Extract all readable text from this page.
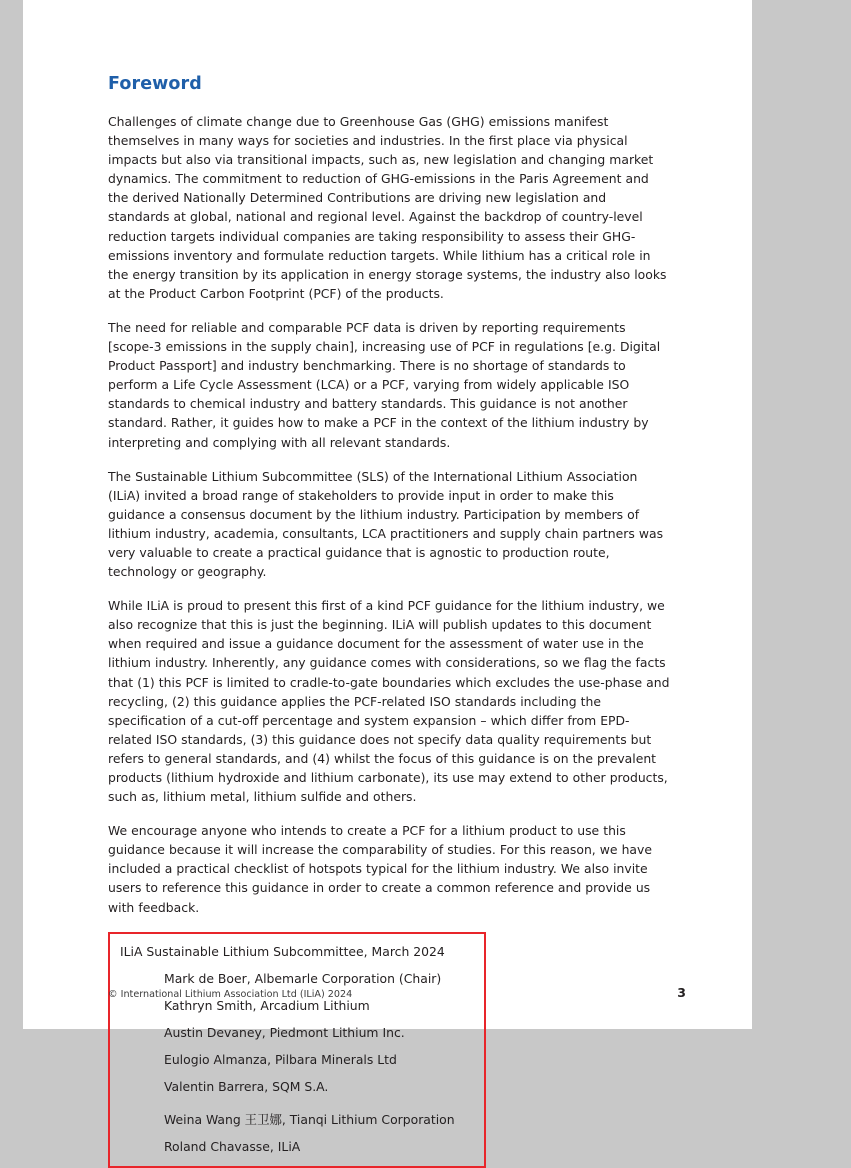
Foreword

Challenges of climate change due to Greenhouse Gas (GHG) emissions manifest themselves in many ways for societies and industries. In the first place via physical impacts but also via transitional impacts, such as, new legislation and changing market dynamics. The commitment to reduction of GHG-emissions in the Paris Agreement and the derived Nationally Determined Contributions are driving new legislation and standards at global, national and regional level. Against the backdrop of country-level reduction targets individual companies are taking responsibility to assess their GHG-emissions inventory and formulate reduction targets. While lithium has a critical role in the energy transition by its application in energy storage systems, the industry also looks at the Product Carbon Footprint (PCF) of the products.

The need for reliable and comparable PCF data is driven by reporting requirements [scope-3 emissions in the supply chain], increasing use of PCF in regulations [e.g. Digital Product Passport] and industry benchmarking. There is no shortage of standards to perform a Life Cycle Assessment (LCA) or a PCF, varying from widely applicable ISO standards to chemical industry and battery standards. This guidance is not another standard. Rather, it guides how to make a PCF in the context of the lithium industry by interpreting and complying with all relevant standards.

The Sustainable Lithium Subcommittee (SLS) of the International Lithium Association (ILiA) invited a broad range of stakeholders to provide input in order to make this guidance a consensus document by the lithium industry. Participation by members of lithium industry, academia, consultants, LCA practitioners and supply chain partners was very valuable to create a practical guidance that is agnostic to production route, technology or geography.

While ILiA is proud to present this first of a kind PCF guidance for the lithium industry, we also recognize that this is just the beginning. ILiA will publish updates to this document when required and issue a guidance document for the assessment of water use in the lithium industry. Inherently, any guidance comes with considerations, so we flag the facts that (1) this PCF is limited to cradle-to-gate boundaries which excludes the use-phase and recycling, (2) this guidance applies the PCF-related ISO standards including the specification of a cut-off percentage and system expansion – which differ from EPD-related ISO standards, (3) this guidance does not specify data quality requirements but refers to general standards, and (4) whilst the focus of this guidance is on the prevalent products (lithium hydroxide and lithium carbonate), its use may extend to other products, such as, lithium metal, lithium sulfide and others.

We encourage anyone who intends to create a PCF for a lithium product to use this guidance because it will increase the comparability of studies. For this reason, we have included a practical checklist of hotspots typical for the lithium industry. We also invite users to reference this guidance in order to create a common reference and provide us with feedback.

ILiA Sustainable Lithium Subcommittee, March 2024

Mark de Boer, Albemarle Corporation (Chair)
Kathryn Smith, Arcadium Lithium
Austin Devaney, Piedmont Lithium Inc.
Eulogio Almanza, Pilbara Minerals Ltd
Valentin Barrera, SQM S.A.
Weina Wang 王卫娜, Tianqi Lithium Corporation
Roland Chavasse, ILiA
© International Lithium Association Ltd (ILiA) 2024	3
